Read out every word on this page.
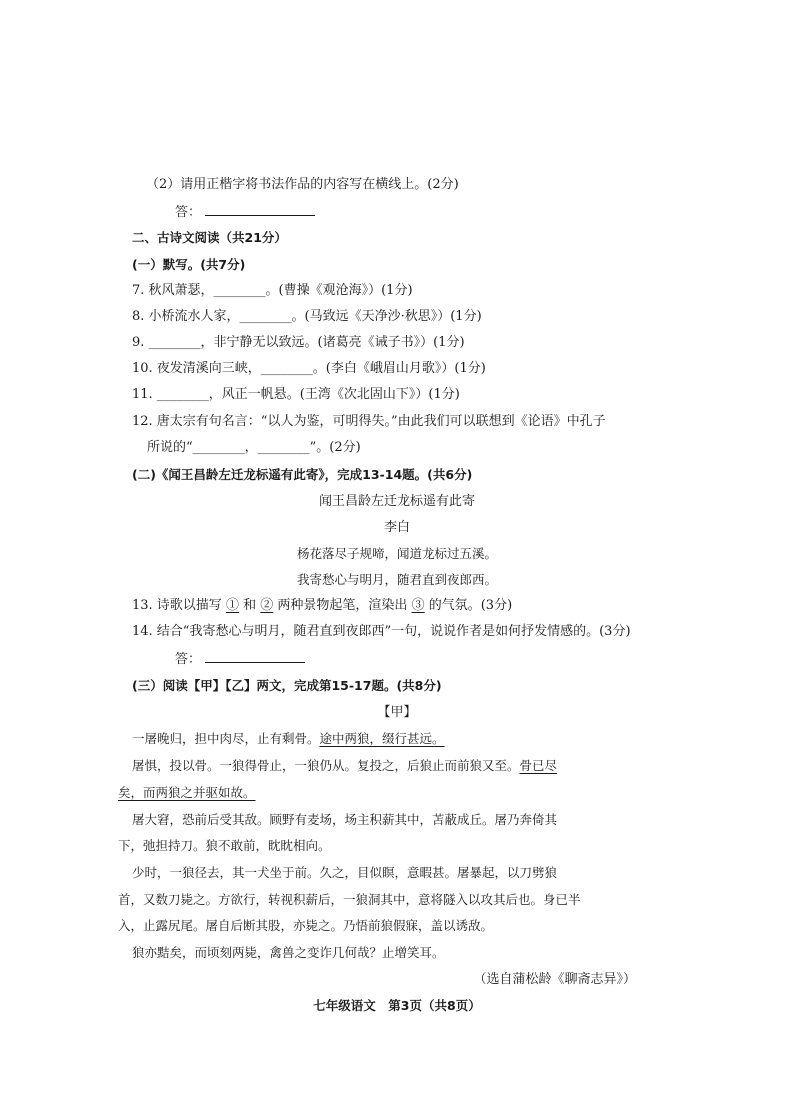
（2）请用正楷字将书法作品的内容写在横线上。(2分)
答：
二、古诗文阅读（共21分）
(一）默写。(共7分)
7. 秋风萧瑟，________。(曹操《观沧海》）(1分)
8. 小桥流水人家，________。(马致远《天净沙·秋思》）(1分)
9. ________，非宁静无以致远。(诸葛亮《诫子书》）(1分)
10. 夜发清溪向三峡，________。(李白《峨眉山月歌》）(1分)
11. ________，风正一帆悬。(王湾《次北固山下》）(1分)
12. 唐太宗有句名言：“以人为鉴，可明得失。”由此我们可以联想到《论语》中孔子
所说的“________，________”。(2分)
(二)《闻王昌龄左迁龙标遥有此寄》，完成13-14题。(共6分)
闻王昌龄左迁龙标遥有此寄
李白
杨花落尽子规啼，闻道龙标过五溪。
我寄愁心与明月，随君直到夜郎西。
13. 诗歌以描写 ① 和 ② 两种景物起笔，渲染出 ③ 的气氛。(3分)
14. 结合“我寄愁心与明月，随君直到夜郎西”一句，说说作者是如何抒发情感的。(3分)
答：
(三）阅读【甲】【乙】两文，完成第15-17题。(共8分)
【甲】
一屠晚归，担中肉尽，止有剩骨。途中两狼，缀行甚远。
屠惧，投以骨。一狼得骨止，一狼仍从。复投之，后狼止而前狼又至。骨已尽
矣，而两狼之并驱如故。
屠大窘，恐前后受其敌。顾野有麦场，场主积薪其中，苫蔽成丘。屠乃奔倚其
下，弛担持刀。狼不敢前，眈眈相向。
少时，一狼径去，其一犬坐于前。久之，目似瞑，意暇甚。屠暴起，以刀劈狼
首，又数刀毙之。方欲行，转视积薪后，一狼洞其中，意将隧入以攻其后也。身已半
入，止露尻尾。屠自后断其股，亦毙之。乃悟前狼假寐，盖以诱敌。
狼亦黠矣，而顷刻两毙，禽兽之变诈几何哉？止增笑耳。
（选自蒲松龄《聊斋志异》）
七年级语文　第3页（共8页）
